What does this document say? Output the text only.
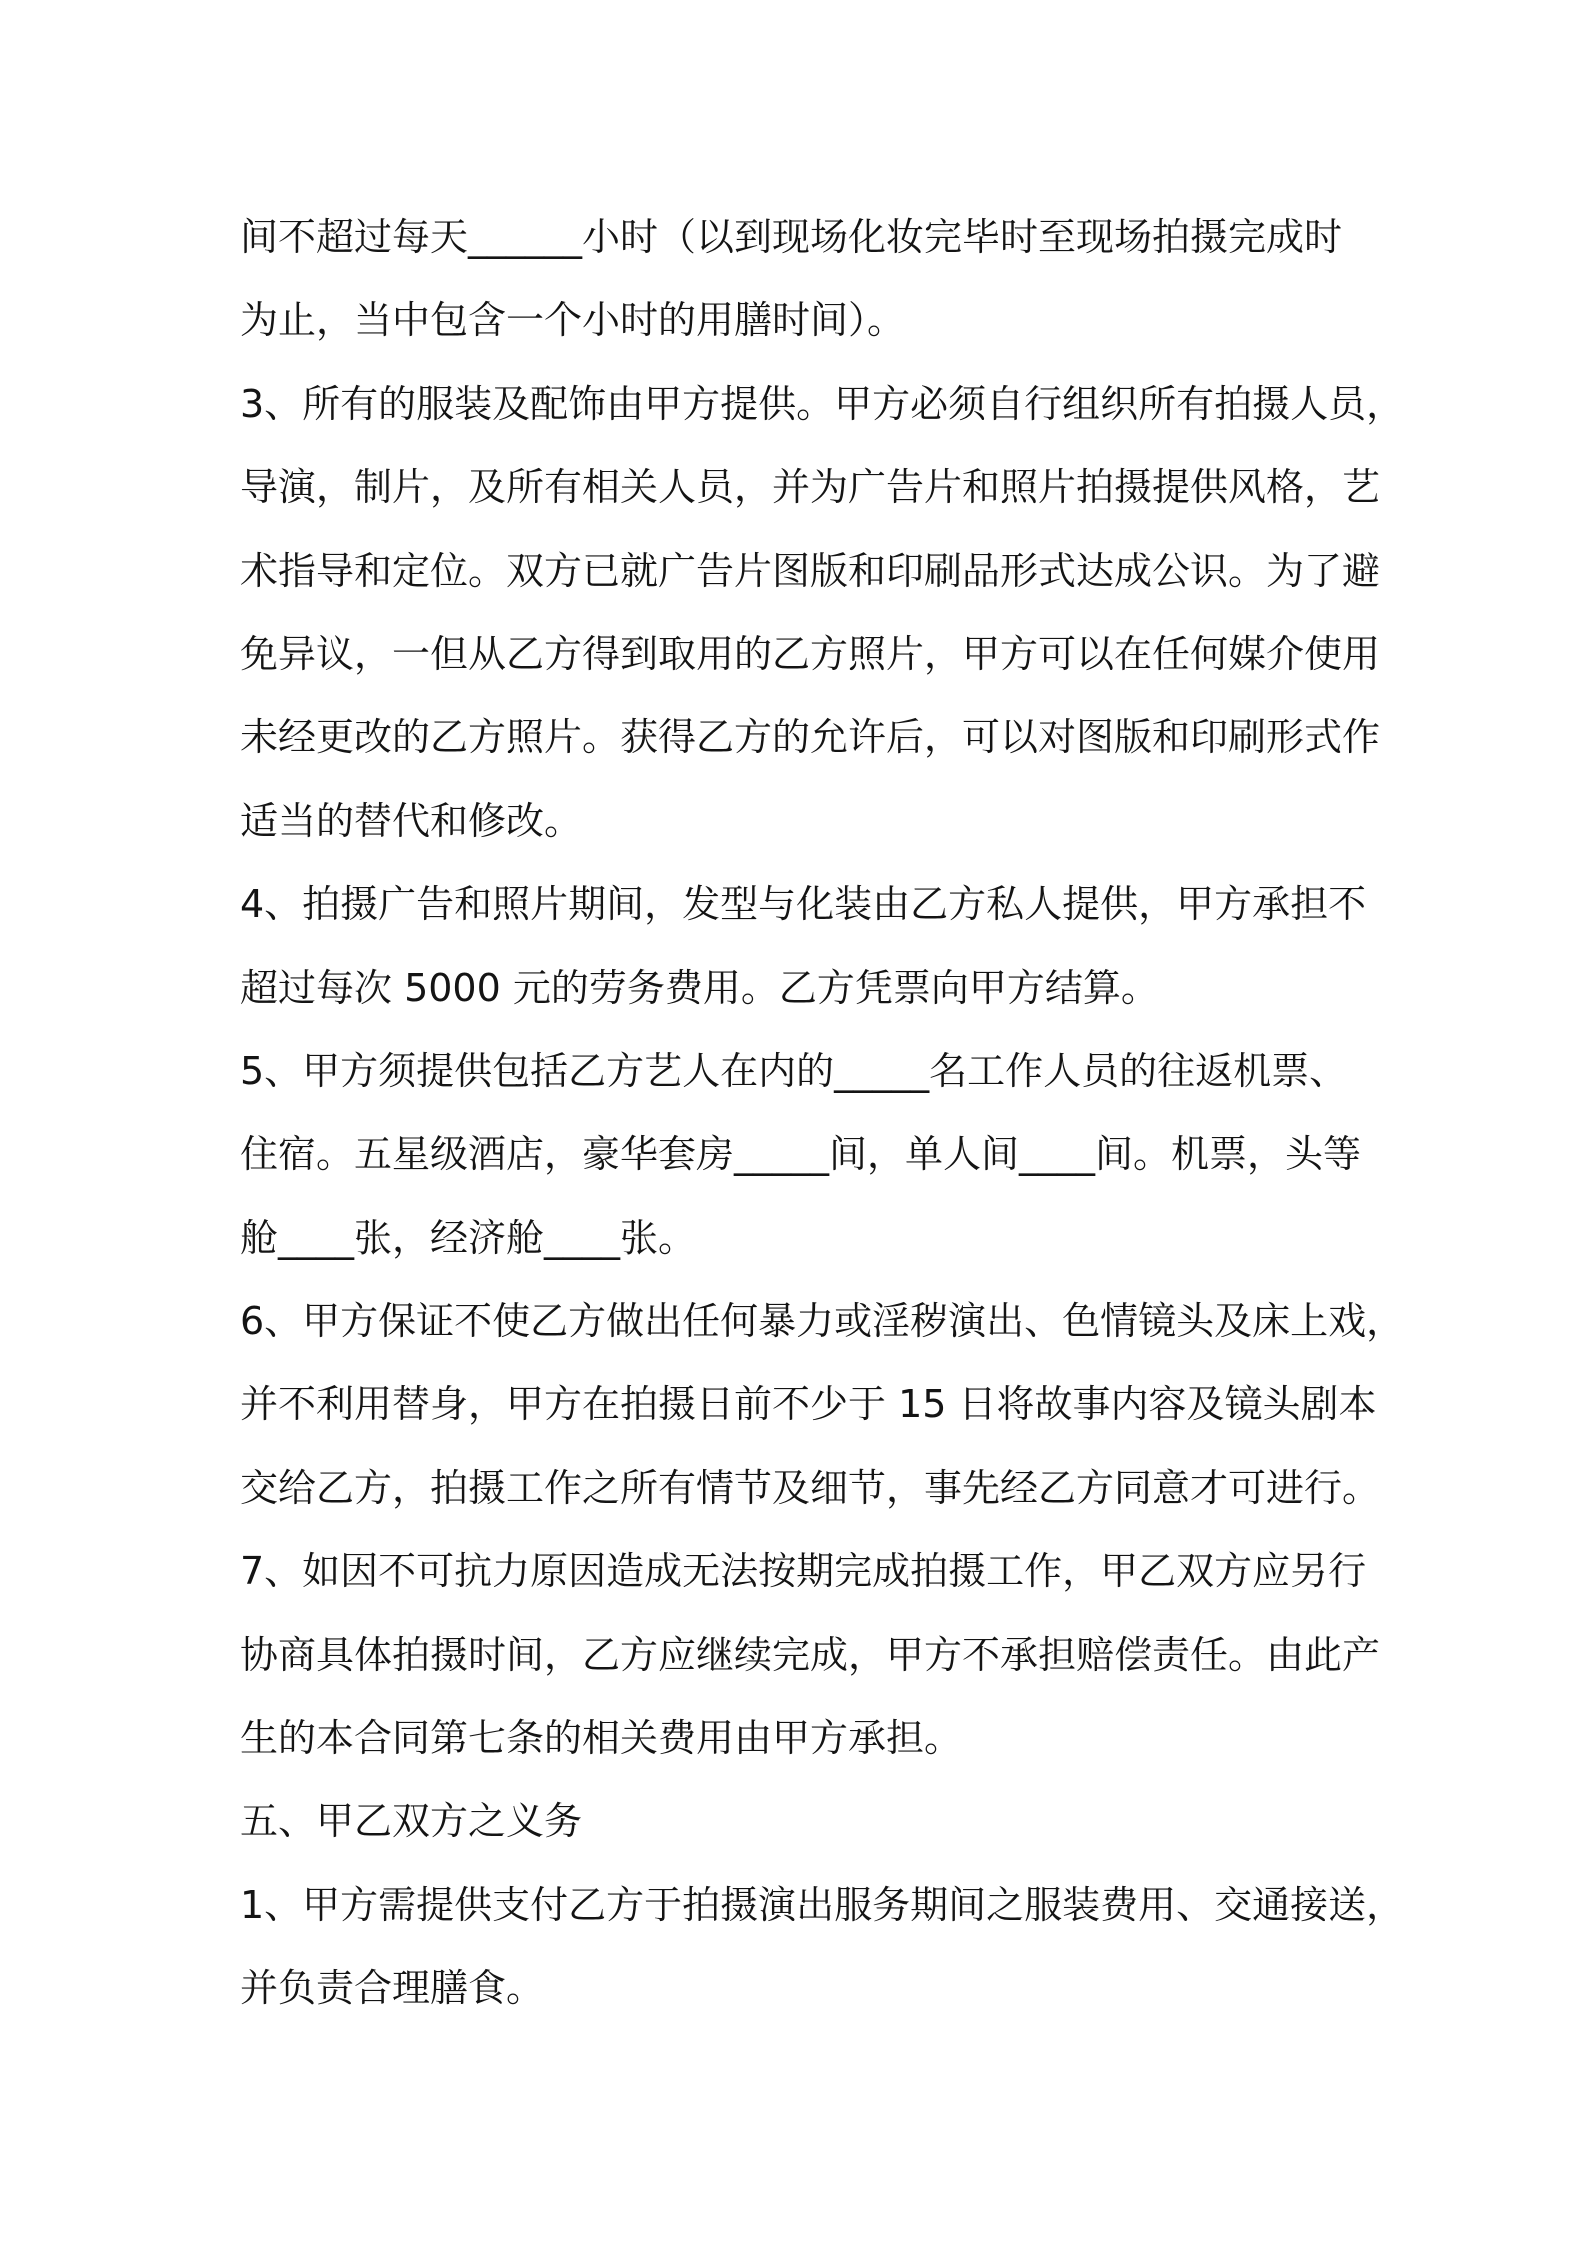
间不超过每天______小时（以到现场化妆完毕时至现场拍摄完成时
为止，当中包含一个小时的用膳时间）。
3、所有的服装及配饰由甲方提供。甲方必须自行组织所有拍摄人员，
导演，制片，及所有相关人员，并为广告片和照片拍摄提供风格，艺
术指导和定位。双方已就广告片图版和印刷品形式达成公识。为了避
免异议，一但从乙方得到取用的乙方照片，甲方可以在任何媒介使用
未经更改的乙方照片。获得乙方的允许后，可以对图版和印刷形式作
适当的替代和修改。
4、拍摄广告和照片期间，发型与化装由乙方私人提供，甲方承担不
超过每次 5000 元的劳务费用。乙方凭票向甲方结算。
5、甲方须提供包括乙方艺人在内的_____名工作人员的往返机票、
住宿。五星级酒店，豪华套房_____间，单人间____间。机票，头等
舱____张，经济舱____张。
6、甲方保证不使乙方做出任何暴力或淫秽演出、色情镜头及床上戏，
并不利用替身，甲方在拍摄日前不少于 15 日将故事内容及镜头剧本
交给乙方，拍摄工作之所有情节及细节，事先经乙方同意才可进行。
7、如因不可抗力原因造成无法按期完成拍摄工作，甲乙双方应另行
协商具体拍摄时间，乙方应继续完成，甲方不承担赔偿责任。由此产
生的本合同第七条的相关费用由甲方承担。
五、甲乙双方之义务
1、甲方需提供支付乙方于拍摄演出服务期间之服装费用、交通接送，
并负责合理膳食。
